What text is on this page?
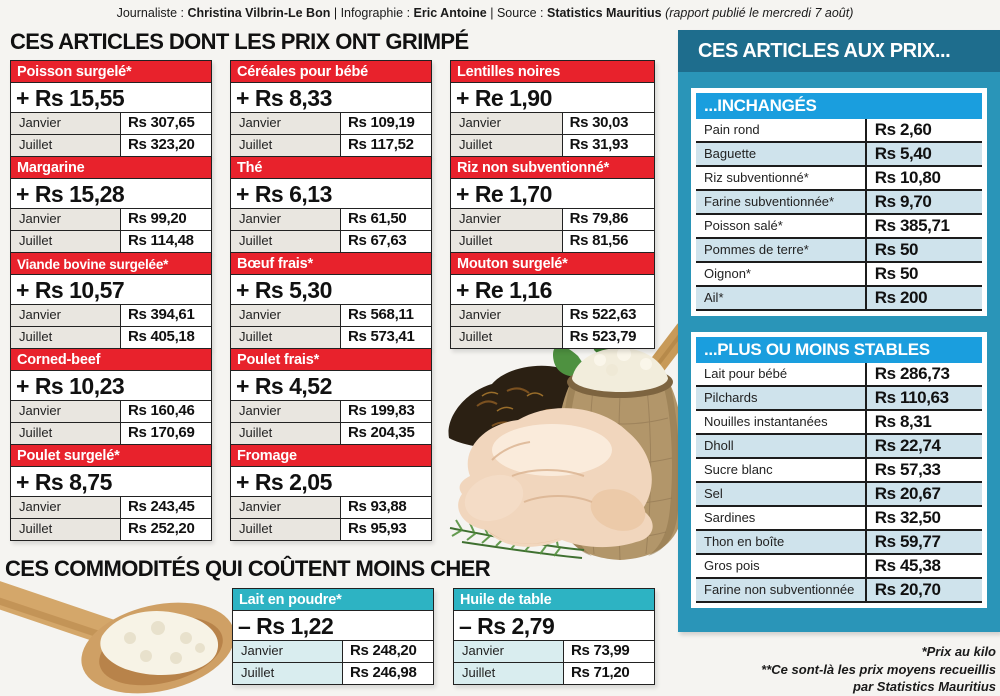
Journaliste : Christina Vilbrin-Le Bon | Infographie : Eric Antoine | Source : Statistics Mauritius (rapport publié le mercredi 7 août)
CES ARTICLES DONT LES PRIX ONT GRIMPÉ
Poisson surgelé*
+ Rs 15,55
Janvier	Rs 307,65
Juillet	Rs 323,20
Margarine
+ Rs 15,28
Janvier	Rs 99,20
Juillet	Rs 114,48
Viande bovine surgelée*
+ Rs 10,57
Janvier	Rs 394,61
Juillet	Rs 405,18
Corned-beef
+ Rs 10,23
Janvier	Rs 160,46
Juillet	Rs 170,69
Poulet surgelé*
+ Rs 8,75
Janvier	Rs 243,45
Juillet	Rs 252,20
Céréales pour bébé
+ Rs 8,33
Janvier	Rs 109,19
Juillet	Rs 117,52
Thé
+ Rs 6,13
Janvier	Rs 61,50
Juillet	Rs 67,63
Bœuf frais*
+ Rs 5,30
Janvier	Rs 568,11
Juillet	Rs 573,41
Poulet frais*
+ Rs 4,52
Janvier	Rs 199,83
Juillet	Rs 204,35
Fromage
+ Rs 2,05
Janvier	Rs 93,88
Juillet	Rs 95,93
Lentilles noires
+ Re 1,90
Janvier	Rs 30,03
Juillet	Rs 31,93
Riz non subventionné*
+ Re 1,70
Janvier	Rs 79,86
Juillet	Rs 81,56
Mouton surgelé*
+ Re 1,16
Janvier	Rs 522,63
Juillet	Rs 523,79
CES ARTICLES AUX PRIX...
...INCHANGÉS
Pain rond	Rs 2,60
Baguette	Rs 5,40
Riz subventionné*	Rs 10,80
Farine subventionnée*	Rs 9,70
Poisson salé*	Rs 385,71
Pommes de terre*	Rs 50
Oignon*	Rs 50
Ail*	Rs 200
...PLUS OU MOINS STABLES
Lait pour bébé	Rs 286,73
Pilchards	Rs 110,63
Nouilles instantanées	Rs 8,31
Dholl	Rs 22,74
Sucre blanc	Rs 57,33
Sel	Rs 20,67
Sardines	Rs 32,50
Thon en boîte	Rs 59,77
Gros pois	Rs 45,38
Farine non subventionnée	Rs 20,70
CES COMMODITÉS QUI COÛTENT MOINS CHER
Lait en poudre*
– Rs 1,22
Janvier	Rs 248,20
Juillet	Rs 246,98
Huile de table
– Rs 2,79
Janvier	Rs 73,99
Juillet	Rs 71,20
*Prix au kilo
**Ce sont-là les prix moyens recueillis
par Statistics Mauritius
